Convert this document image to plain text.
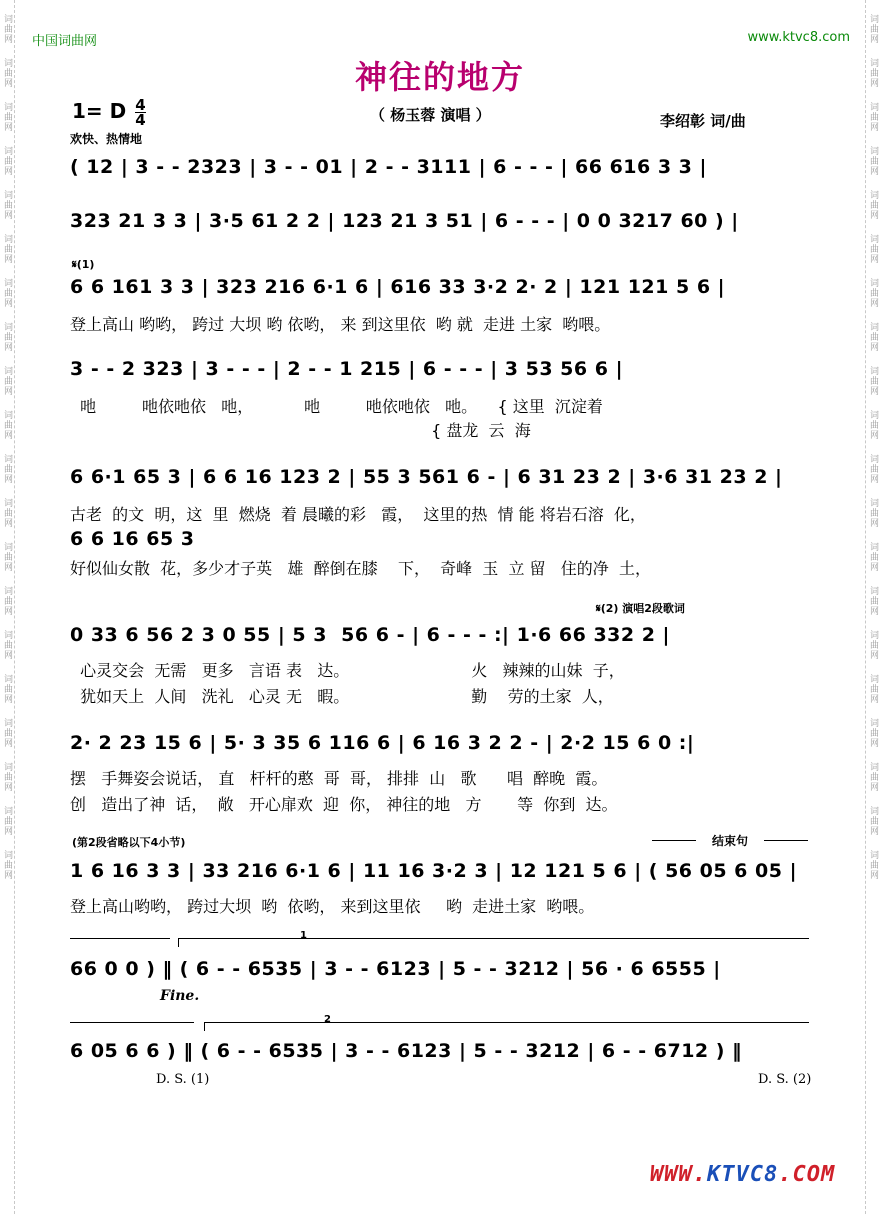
词曲网
词曲网
词曲网
词曲网
词曲网
词曲网
词曲网
词曲网
词曲网
词曲网
词曲网
词曲网
词曲网
词曲网
词曲网
词曲网
词曲网
词曲网
词曲网
词曲网
词曲网
词曲网
词曲网
词曲网
词曲网
词曲网
词曲网
词曲网
词曲网
词曲网
词曲网
词曲网
词曲网
词曲网
词曲网
词曲网
词曲网
词曲网
词曲网
词曲网
中国词曲网	www.ktvc8.com
神往的地方
1= D $\frac{4}{4}$	（ 杨玉蓉 演唱 ）	李绍彰 词/曲
欢快、热情地
( 12 | 3 - - 2323 | 3 - - 01 | 2 - - 3111 | 6 - - - | 66 616 3 3 |
323 21 3 3 | 3·5 61 2 2 | 123 21 3 51 | 6 - - - | 0 0 3217 60 ) |
𝄋(1)
6 6 161 3 3 | 323 216 6·1 6 | 616 33 3·2 2· 2 | 121 121 5 6 |
登上高山 哟哟， 跨过 大坝 哟 依哟， 来 到这里依  哟 就  走进 土家  哟喂。
3 - - 2 323 | 3 - - - | 2 - - 1 215 | 6 - - - | 3 53 56 6 |
吔         吔依吔依   吔，          吔         吔依吔依   吔。    { 这里  沉淀着
{ 盘龙  云  海
6 6·1 65 3 | 6 6 16 123 2 | 55 3 561 6 - | 6 31 23 2 | 3·6 31 23 2 |
古老  的文  明，这  里  燃烧  着 晨曦的彩   霞，  这里的热  情 能 将岩石溶  化，
6 6 16 65 3
好似仙女散  花，多少才子英   雄  醉倒在膝    下，  奇峰  玉  立 留   住的净  土，
𝄋(2) 演唱2段歌词
0 33 6 56 2 3 0 55 | 5 3  56 6 - | 6 - - - :| 1·6 66 332 2 |
心灵交会  无需   更多   言语 表   达。                        火   辣辣的山妹  子，
犹如天上  人间   洗礼   心灵 无   暇。                        勤    劳的土家  人，
2· 2 23 15 6 | 5· 3 35 6 116 6 | 6 16 3 2 2 - | 2·2 15 6 0 :|
摆   手舞姿会说话， 直   杆杆的憨  哥  哥， 排排  山   歌      唱  醉晚  霞。
创   造出了神  话，  敞   开心扉欢  迎  你， 神往的地   方       等  你到  达。
(第2段省略以下4小节)	结束句
1 6 16 3 3 | 33 216 6·1 6 | 11 16 3·2 3 | 12 121 5 6 | ( 56 05 6 05 |
登上高山哟哟， 跨过大坝  哟  依哟， 来到这里依     哟  走进土家  哟喂。
1
66 0 0 ) ‖ ( 6 - - 6535 | 3 - - 6123 | 5 - - 3212 | 56 · 6 6555 |
Fine.
2
6 05 6 6 ) ‖ ( 6 - - 6535 | 3 - - 6123 | 5 - - 3212 | 6 - - 6712 ) ‖
D. S. (1)	D. S. (2)
WWW.KTVC8.COM
